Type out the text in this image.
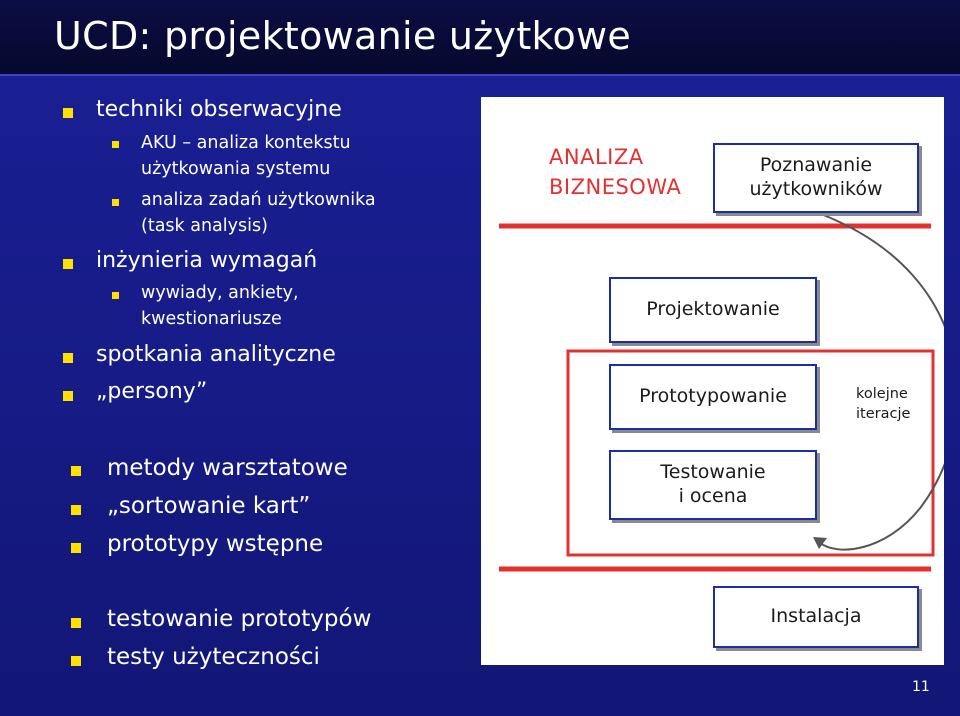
UCD: projektowanie użytkowe
techniki obserwacyjne
AKU – analiza kontekstu
użytkowania systemu
analiza zadań użytkownika
(task analysis)
inżynieria wymagań
wywiady, ankiety,
kwestionariusze
spotkania analityczne
„persony”
metody warsztatowe
„sortowanie kart”
prototypy wstępne
testowanie prototypów
testy użyteczności
ANALIZA
BIZNESOWA
Poznawanie
użytkowników
Projektowanie
Prototypowanie	kolejne
iteracje
Testowanie
i ocena
Instalacja
11
